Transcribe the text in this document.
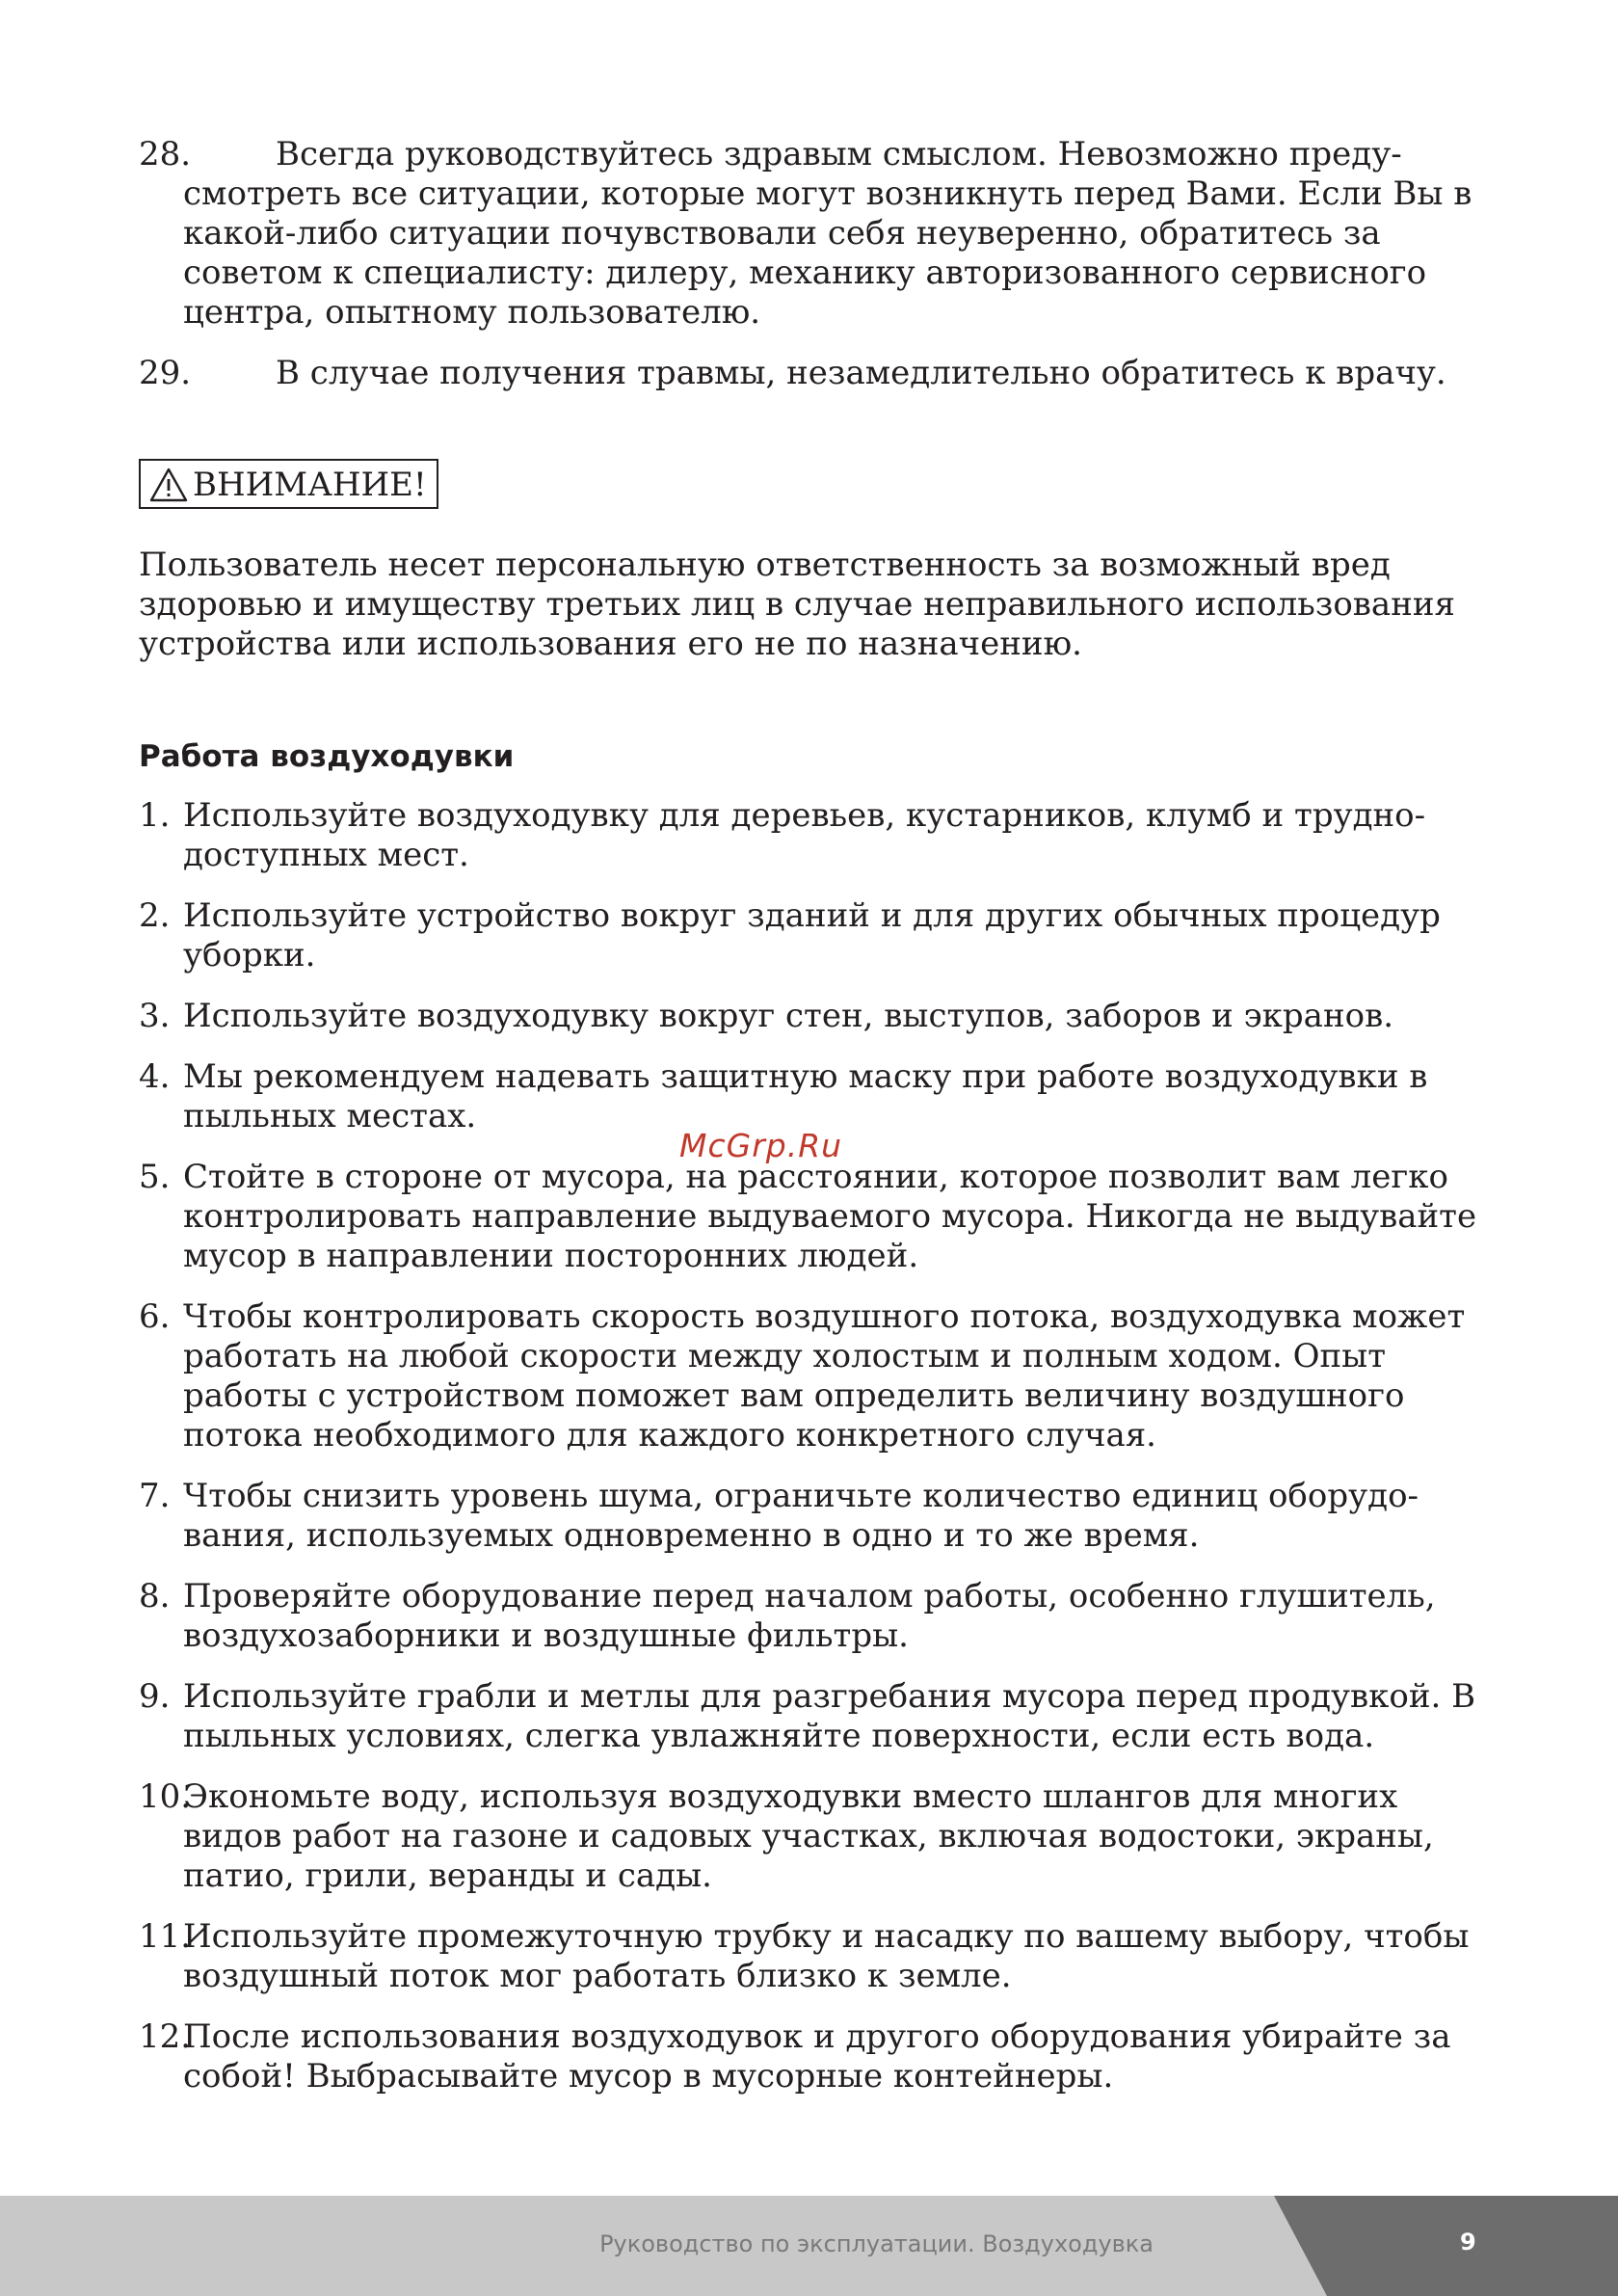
28.	Всегда руководствуйтесь здравым смыслом. Невозможно предусмотреть все ситуации, которые могут возникнуть перед Вами. Если Вы в какой-либо ситуации почувствовали себя неуверенно, обратитесь за советом к специалисту: дилеру, механику авторизованного сервисного центра, опытному пользователю.
29.	В случае получения травмы, незамедлительно обратитесь к врачу.
ВНИМАНИЕ!
Пользователь несет персональную ответственность за возможный вред здоровью и имуществу третьих лиц в случае неправильного использования устройства или использования его не по назначению.
Работа воздуходувки
1. Используйте воздуходувку для деревьев, кустарников, клумб и труднодоступных мест.
2. Используйте устройство вокруг зданий и для других обычных процедур уборки.
3. Используйте воздуходувку вокруг стен, выступов, заборов и экранов.
4. Мы рекомендуем надевать защитную маску при работе воздуходувки в пыльных местах.
5. Стойте в стороне от мусора, на расстоянии, которое позволит вам легко контролировать направление выдуваемого мусора. Никогда не выдувайте мусор в направлении посторонних людей.
6. Чтобы контролировать скорость воздушного потока, воздуходувка может работать на любой скорости между холостым и полным ходом. Опыт работы с устройством поможет вам определить величину воздушного потока необходимого для каждого конкретного случая.
7. Чтобы снизить уровень шума, ограничьте количество единиц оборудования, используемых одновременно в одно и то же время.
8. Проверяйте оборудование перед началом работы, особенно глушитель, воздухозаборники и воздушные фильтры.
9. Используйте грабли и метлы для разгребания мусора перед продувкой. В пыльных условиях, слегка увлажняйте поверхности, если есть вода.
10.
Экономьте воду, используя воздуходувки вместо шлангов для многих видов работ на газоне и садовых участках, включая водостоки, экраны, патио, грили, веранды и сады.
11.
Используйте промежуточную трубку и насадку по вашему выбору, чтобы воздушный поток мог работать близко к земле.
12.
После использования воздуходувок и другого оборудования убирайте за собой! Выбрасывайте мусор в мусорные контейнеры.
McGrp.Ru
Руководство по эксплуатации. Воздуходувка	9
